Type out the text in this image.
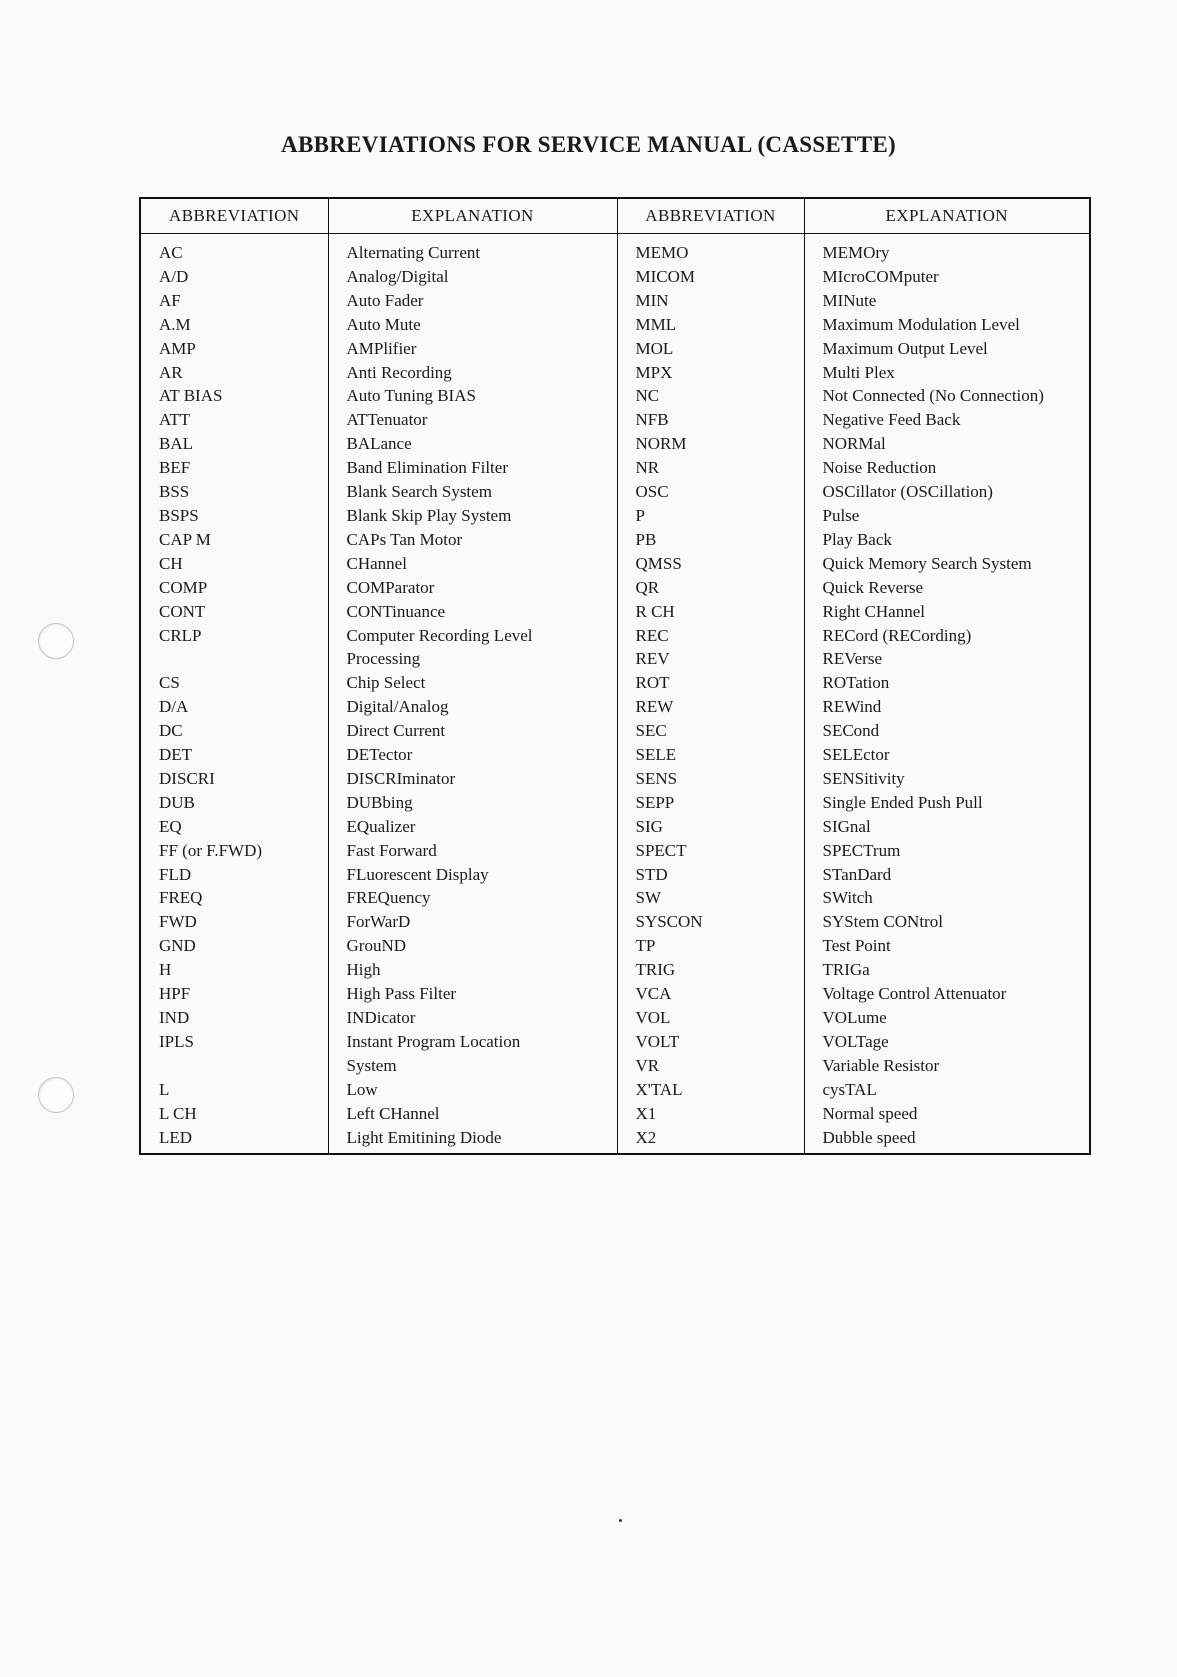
ABBREVIATIONS FOR SERVICE MANUAL (CASSETTE)
ABBREVIATION	EXPLANATION	ABBREVIATION	EXPLANATION
AC	Alternating Current	MEMO	MEMOry
A/D	Analog/Digital	MICOM	MIcroCOMputer
AF	Auto Fader	MIN	MINute
A.M	Auto Mute	MML	Maximum Modulation Level
AMP	AMPlifier	MOL	Maximum Output Level
AR	Anti Recording	MPX	Multi Plex
AT BIAS	Auto Tuning BIAS	NC	Not Connected (No Connection)
ATT	ATTenuator	NFB	Negative Feed Back
BAL	BALance	NORM	NORMal
BEF	Band Elimination Filter	NR	Noise Reduction
BSS	Blank Search System	OSC	OSCillator (OSCillation)
BSPS	Blank Skip Play System	P	Pulse
CAP M	CAPs Tan Motor	PB	Play Back
CH	CHannel	QMSS	Quick Memory Search System
COMP	COMParator	QR	Quick Reverse
CONT	CONTinuance	R CH	Right CHannel
CRLP	Computer Recording Level	REC	RECord (RECording)
	Processing	REV	REVerse
CS	Chip Select	ROT	ROTation
D/A	Digital/Analog	REW	REWind
DC	Direct Current	SEC	SECond
DET	DETector	SELE	SELEctor
DISCRI	DISCRIminator	SENS	SENSitivity
DUB	DUBbing	SEPP	Single Ended Push Pull
EQ	EQualizer	SIG	SIGnal
FF (or F.FWD)	Fast Forward	SPECT	SPECTrum
FLD	FLuorescent Display	STD	STanDard
FREQ	FREQuency	SW	SWitch
FWD	ForWarD	SYSCON	SYStem CONtrol
GND	GrouND	TP	Test Point
H	High	TRIG	TRIGa
HPF	High Pass Filter	VCA	Voltage Control Attenuator
IND	INDicator	VOL	VOLume
IPLS	Instant Program Location	VOLT	VOLTage
	System	VR	Variable Resistor
L	Low	X'TAL	cysTAL
L CH	Left CHannel	X1	Normal speed
LED	Light Emitining Diode	X2	Dubble speed
